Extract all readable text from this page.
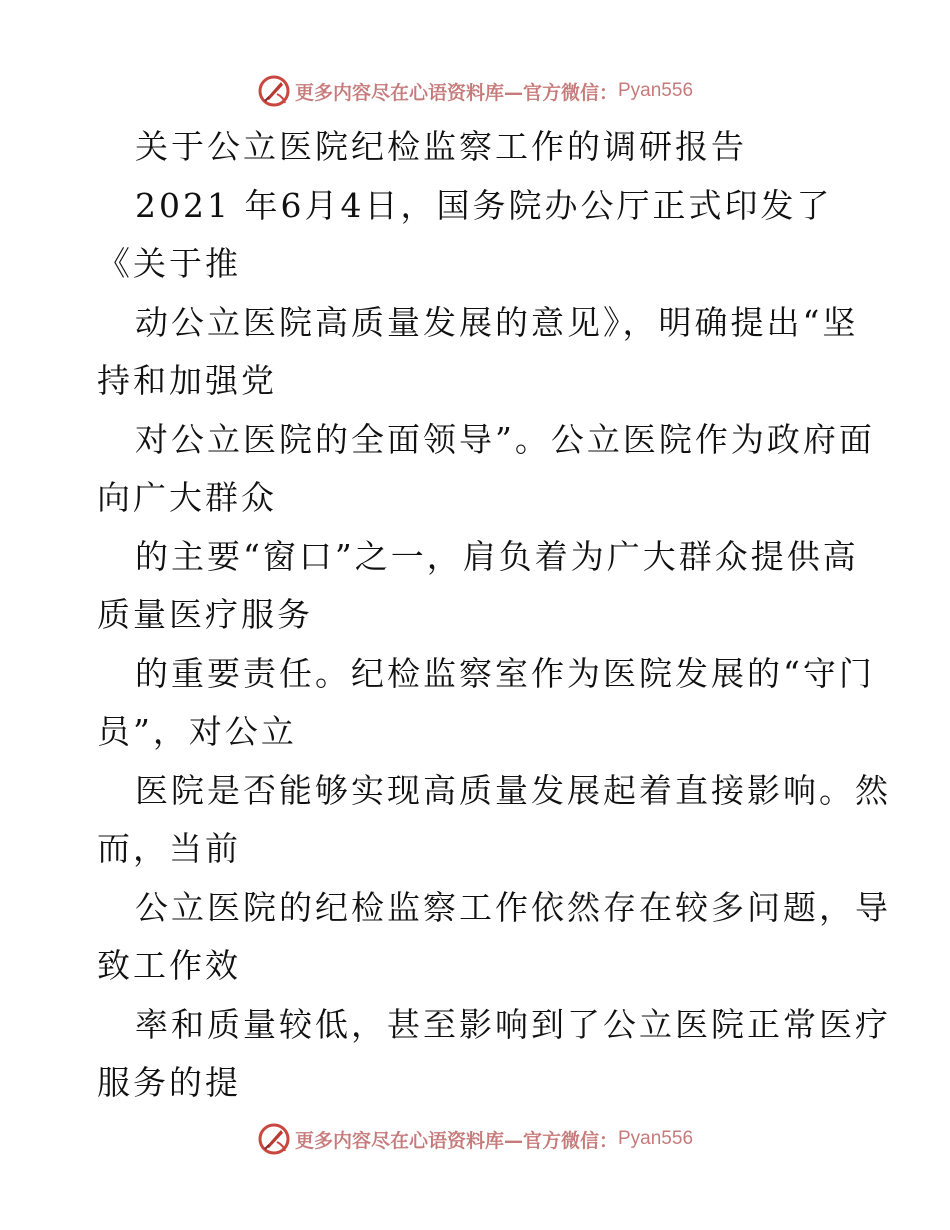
更多内容尽在心语资料库—官方微信： Pyan556
关于公立医院纪检监察工作的调研报告
2021 年6月4日，国务院办公厅正式印发了
《关于推
动公立医院高质量发展的意见》，明确提出“坚
持和加强党
对公立医院的全面领导”。公立医院作为政府面
向广大群众
的主要“窗口”之一，肩负着为广大群众提供高
质量医疗服务
的重要责任。纪检监察室作为医院发展的“守门
员”，对公立
医院是否能够实现高质量发展起着直接影响。然
而，当前
公立医院的纪检监察工作依然存在较多问题，导
致工作效
率和质量较低，甚至影响到了公立医院正常医疗
服务的提
更多内容尽在心语资料库—官方微信： Pyan556
